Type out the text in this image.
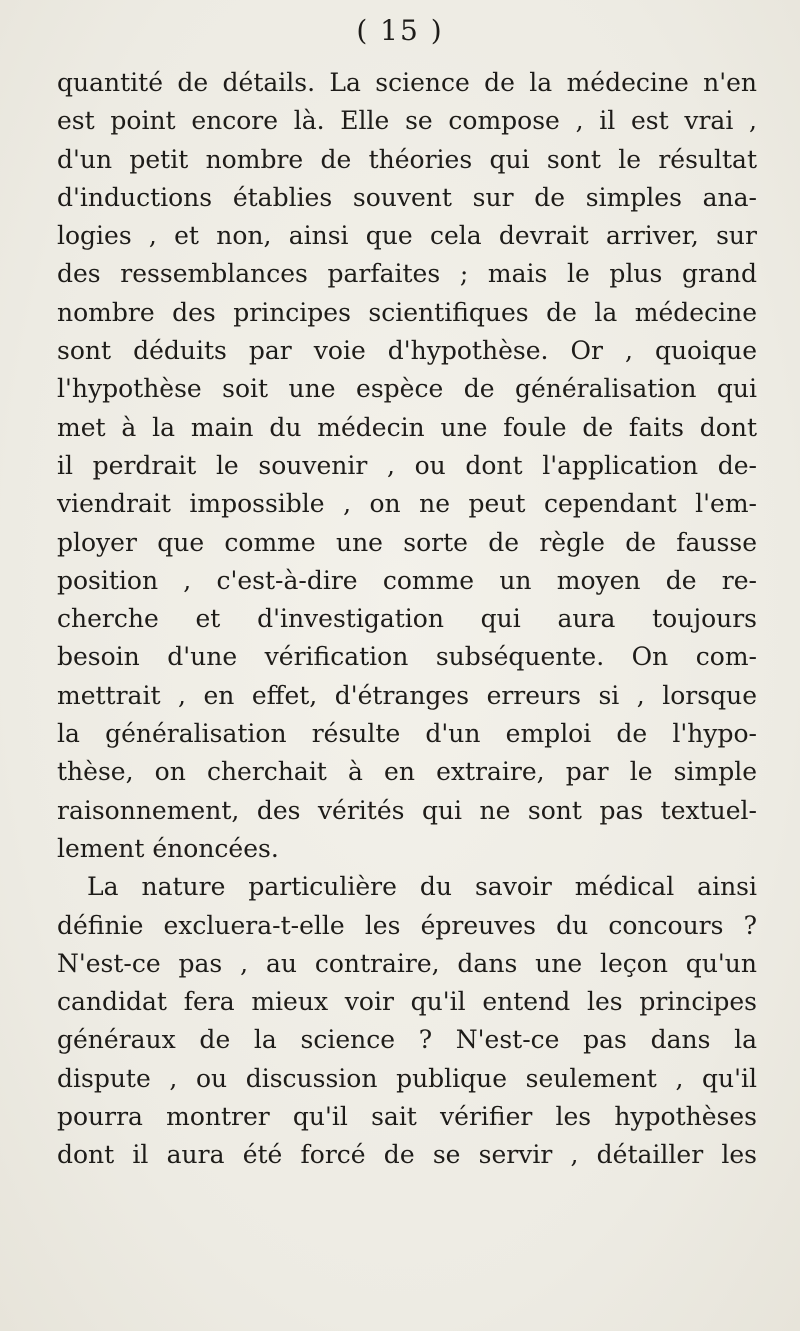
( 15 )
quantité de détails. La science de la médecine n'en
est point encore là. Elle se compose , il est vrai ,
d'un petit nombre de théories qui sont le résultat
d'inductions établies souvent sur de simples ana-
logies , et non, ainsi que cela devrait arriver, sur
des ressemblances parfaites ; mais le plus grand
nombre des principes scientifiques de la médecine
sont déduits par voie d'hypothèse. Or , quoique
l'hypothèse soit une espèce de généralisation qui
met à la main du médecin une foule de faits dont
il perdrait le souvenir , ou dont l'application de-
viendrait impossible , on ne peut cependant l'em-
ployer que comme une sorte de règle de fausse
position , c'est-à-dire comme un moyen de re-
cherche et d'investigation qui aura toujours
besoin d'une vérification subséquente. On com-
mettrait , en effet, d'étranges erreurs si , lorsque
la généralisation résulte d'un emploi de l'hypo-
thèse, on cherchait à en extraire, par le simple
raisonnement, des vérités qui ne sont pas textuel-
lement énoncées.
La nature particulière du savoir médical ainsi
définie excluera-t-elle les épreuves du concours ?
N'est-ce pas , au contraire, dans une leçon qu'un
candidat fera mieux voir qu'il entend les principes
généraux de la science ? N'est-ce pas dans la
dispute , ou discussion publique seulement , qu'il
pourra montrer qu'il sait vérifier les hypothèses
dont il aura été forcé de se servir , détailler les
